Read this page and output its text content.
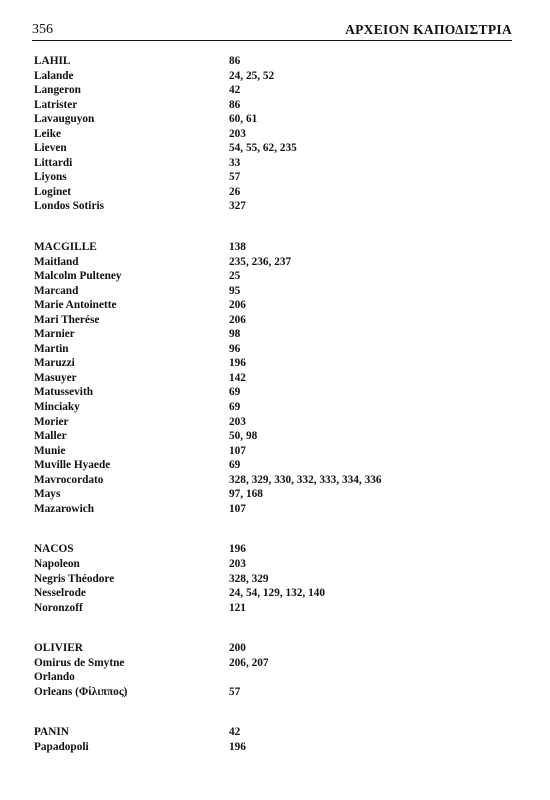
356	ΑΡΧΕΙΟΝ ΚΑΠΟΔΙΣΤΡΙΑ
LAHIL	86
Lalande	24, 25, 52
Langeron	42
Latrister	86
Lavauguyon	60, 61
Leike	203
Lieven	54, 55, 62, 235
Littardi	33
Liyons	57
Loginet	26
Londos Sotiris	327
MACGILLE	138
Maitland	235, 236, 237
Malcolm Pulteney	25
Marcand	95
Marie Antoinette	206
Mari Therése	206
Marnier	98
Martin	96
Maruzzi	196
Masuyer	142
Matussevith	69
Minciaky	69
Morier	203
Maller	50, 98
Munie	107
Muville Hyaede	69
Mavrocordato	328, 329, 330, 332, 333, 334, 336
Mays	97, 168
Mazarowich	107
NACOS	196
Napoleon	203
Negris Théodore	328, 329
Nesselrode	24, 54, 129, 132, 140
Noronzoff	121
OLIVIER	200
Omirus de Smytne	206, 207
Orlando
Orleans (Φίλιππος)	57
PANIN	42
Papadopoli	196
